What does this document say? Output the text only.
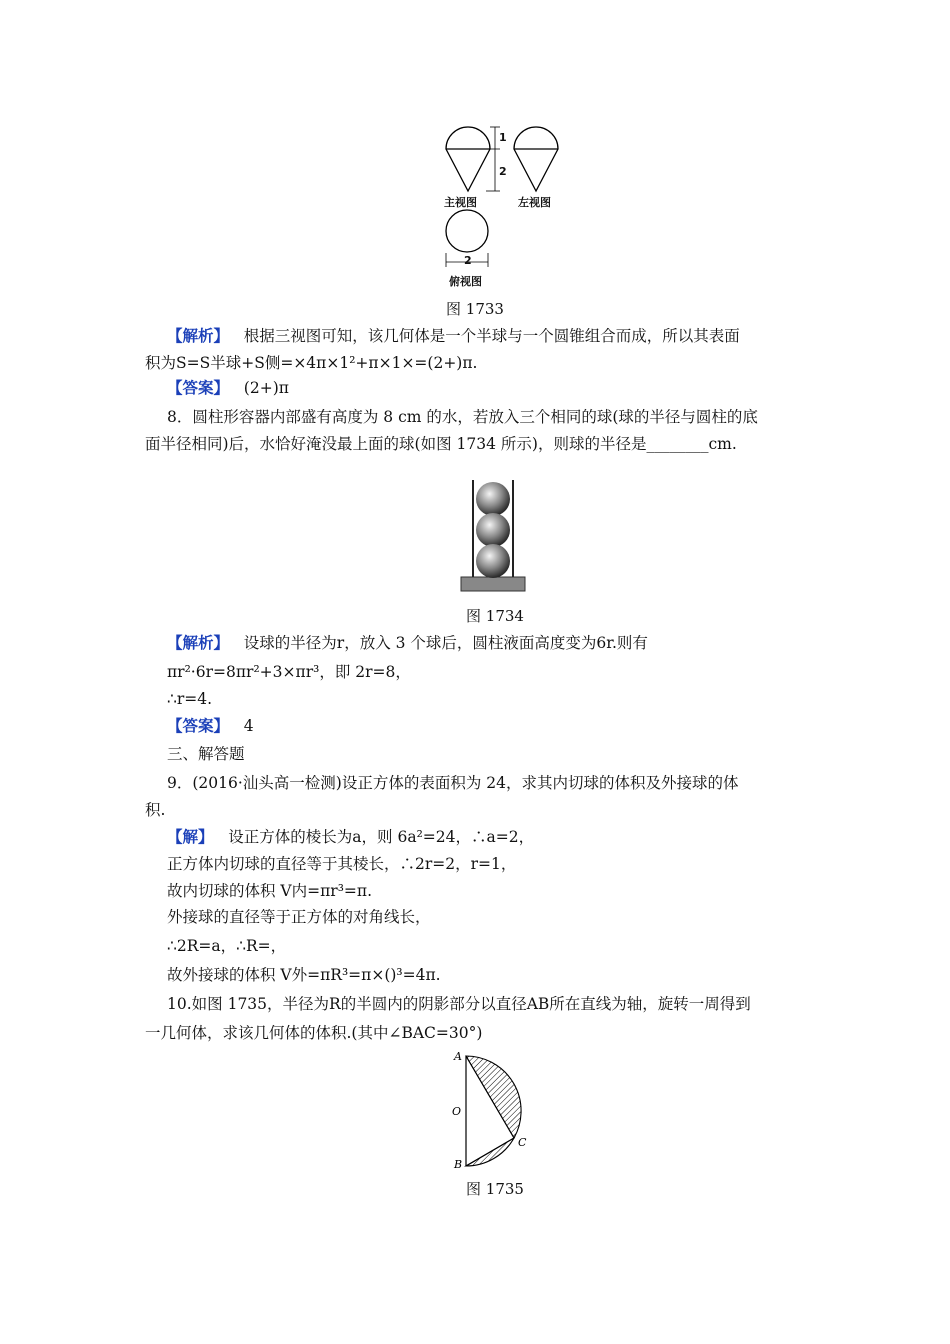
1
2
主视图	左视图
2
俯视图
图 1733
【解析】 根据三视图可知，该几何体是一个半球与一个圆锥组合而成，所以其表面
积为S=S半球+S侧=×4π×1²+π×1×=(2+)π.
【答案】 (2+)π
8．圆柱形容器内部盛有高度为 8 cm 的水，若放入三个相同的球(球的半径与圆柱的底
面半径相同)后，水恰好淹没最上面的球(如图 1734 所示)，则球的半径是________cm.
图 1734
【解析】 设球的半径为r，放入 3 个球后，圆柱液面高度变为6r.则有
πr²·6r=8πr²+3×πr³，即 2r=8，
∴r=4.
【答案】 4
三、解答题
9．(2016·汕头高一检测)设正方体的表面积为 24，求其内切球的体积及外接球的体
积.
【解】 设正方体的棱长为a，则 6a²=24，∴a=2，
正方体内切球的直径等于其棱长，∴2r=2，r=1，
故内切球的体积 V内=πr³=π.
外接球的直径等于正方体的对角线长，
∴2R=a，∴R=，
故外接球的体积 V外=πR³=π×()³=4π.
10.如图 1735，半径为R的半圆内的阴影部分以直径AB所在直线为轴，旋转一周得到
一几何体，求该几何体的体积.(其中∠BAC=30°)
A
O
B
C
图 1735
